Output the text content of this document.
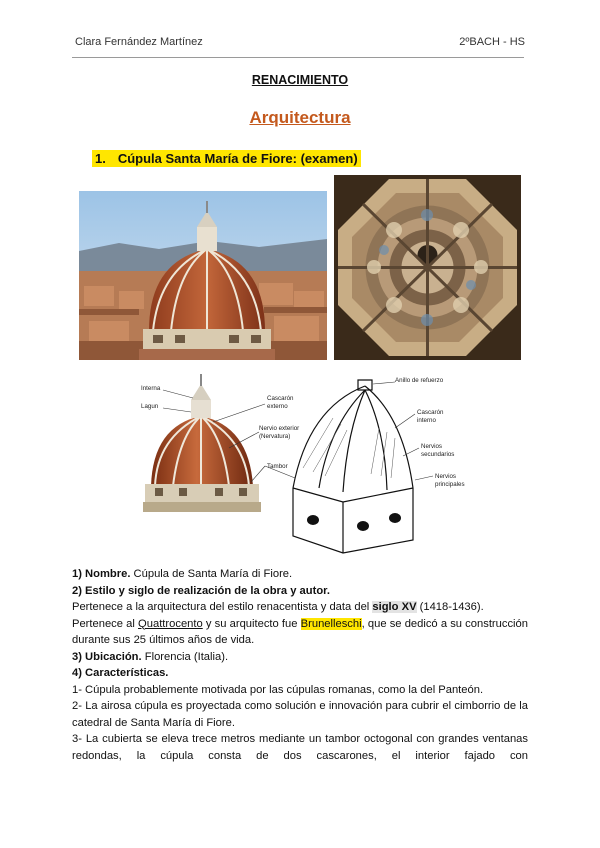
Clara Fernández Martínez	2ºBACH - HS
RENACIMIENTO
Arquitectura
1. Cúpula Santa María de Fiore: (examen)
Interna
Lagun
Cascarón
externo
Nervio exterior
(Nervatura)
Tambor
Anillo de refuerzo
Cascarón
interno
Nervios
secundarios
Nervios
principales

1) Nombre. Cúpula de Santa María di Fiore.

2) Estilo y siglo de realización de la obra y autor.

Pertenece a la arquitectura del estilo renacentista y data del siglo XV (1418-1436).

Pertenece al Quattrocento y su arquitecto fue Brunelleschi, que se dedicó a su construcción durante sus 25 últimos años de vida.

3) Ubicación. Florencia (Italia).

4) Características.

1- Cúpula probablemente motivada por las cúpulas romanas, como la del Panteón.

2- La airosa cúpula es proyectada como solución e innovación para cubrir el cimborrio de la catedral de Santa María di Fiore.

3- La cubierta se eleva trece metros mediante un tambor octogonal con grandes ventanas redondas, la cúpula consta de dos cascarones, el interior fajado con
